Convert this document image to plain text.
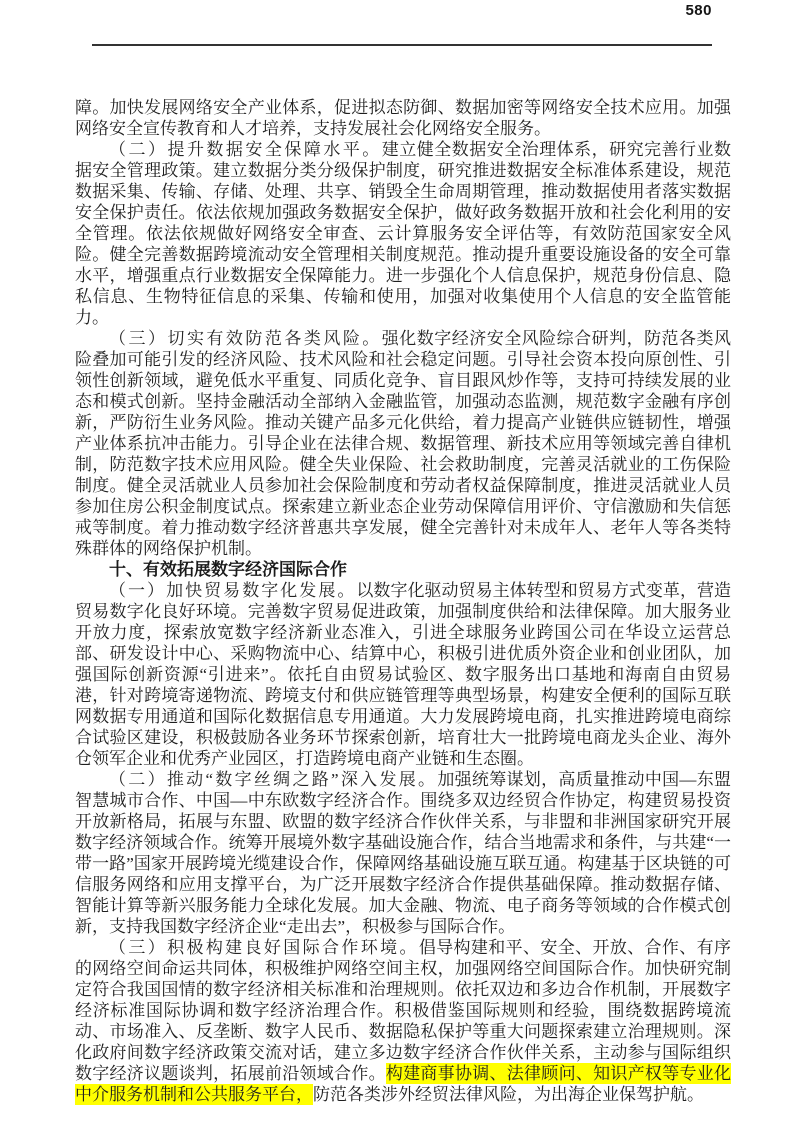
580

障。加快发展网络安全产业体系，促进拟态防御、数据加密等网络安全技术应用。加强网络安全宣传教育和人才培养，支持发展社会化网络安全服务。

（二）提升数据安全保障水平。建立健全数据安全治理体系，研究完善行业数据安全管理政策。建立数据分类分级保护制度，研究推进数据安全标准体系建设，规范数据采集、传输、存储、处理、共享、销毁全生命周期管理，推动数据使用者落实数据安全保护责任。依法依规加强政务数据安全保护，做好政务数据开放和社会化利用的安全管理。依法依规做好网络安全审查、云计算服务安全评估等，有效防范国家安全风险。健全完善数据跨境流动安全管理相关制度规范。推动提升重要设施设备的安全可靠水平，增强重点行业数据安全保障能力。进一步强化个人信息保护，规范身份信息、隐私信息、生物特征信息的采集、传输和使用，加强对收集使用个人信息的安全监管能力。

（三）切实有效防范各类风险。强化数字经济安全风险综合研判，防范各类风险叠加可能引发的经济风险、技术风险和社会稳定问题。引导社会资本投向原创性、引领性创新领域，避免低水平重复、同质化竞争、盲目跟风炒作等，支持可持续发展的业态和模式创新。坚持金融活动全部纳入金融监管，加强动态监测，规范数字金融有序创新，严防衍生业务风险。推动关键产品多元化供给，着力提高产业链供应链韧性，增强产业体系抗冲击能力。引导企业在法律合规、数据管理、新技术应用等领域完善自律机制，防范数字技术应用风险。健全失业保险、社会救助制度，完善灵活就业的工伤保险制度。健全灵活就业人员参加社会保险制度和劳动者权益保障制度，推进灵活就业人员参加住房公积金制度试点。探索建立新业态企业劳动保障信用评价、守信激励和失信惩戒等制度。着力推动数字经济普惠共享发展，健全完善针对未成年人、老年人等各类特殊群体的网络保护机制。

十、有效拓展数字经济国际合作

（一）加快贸易数字化发展。以数字化驱动贸易主体转型和贸易方式变革，营造贸易数字化良好环境。完善数字贸易促进政策，加强制度供给和法律保障。加大服务业开放力度，探索放宽数字经济新业态准入，引进全球服务业跨国公司在华设立运营总部、研发设计中心、采购物流中心、结算中心，积极引进优质外资企业和创业团队，加强国际创新资源“引进来”。依托自由贸易试验区、数字服务出口基地和海南自由贸易港，针对跨境寄递物流、跨境支付和供应链管理等典型场景，构建安全便利的国际互联网数据专用通道和国际化数据信息专用通道。大力发展跨境电商，扎实推进跨境电商综合试验区建设，积极鼓励各业务环节探索创新，培育壮大一批跨境电商龙头企业、海外仓领军企业和优秀产业园区，打造跨境电商产业链和生态圈。

（二）推动“数字丝绸之路”深入发展。加强统筹谋划，高质量推动中国—东盟智慧城市合作、中国—中东欧数字经济合作。围绕多双边经贸合作协定，构建贸易投资开放新格局，拓展与东盟、欧盟的数字经济合作伙伴关系，与非盟和非洲国家研究开展数字经济领域合作。统筹开展境外数字基础设施合作，结合当地需求和条件，与共建“一带一路”国家开展跨境光缆建设合作，保障网络基础设施互联互通。构建基于区块链的可信服务网络和应用支撑平台，为广泛开展数字经济合作提供基础保障。推动数据存储、智能计算等新兴服务能力全球化发展。加大金融、物流、电子商务等领域的合作模式创新，支持我国数字经济企业“走出去”，积极参与国际合作。

（三）积极构建良好国际合作环境。倡导构建和平、安全、开放、合作、有序的网络空间命运共同体，积极维护网络空间主权，加强网络空间国际合作。加快研究制定符合我国国情的数字经济相关标准和治理规则。依托双边和多边合作机制，开展数字经济标准国际协调和数字经济治理合作。积极借鉴国际规则和经验，围绕数据跨境流动、市场准入、反垄断、数字人民币、数据隐私保护等重大问题探索建立治理规则。深化政府间数字经济政策交流对话，建立多边数字经济合作伙伴关系，主动参与国际组织数字经济议题谈判，拓展前沿领域合作。构建商事协调、法律顾问、知识产权等专业化中介服务机制和公共服务平台，防范各类涉外经贸法律风险，为出海企业保驾护航。
